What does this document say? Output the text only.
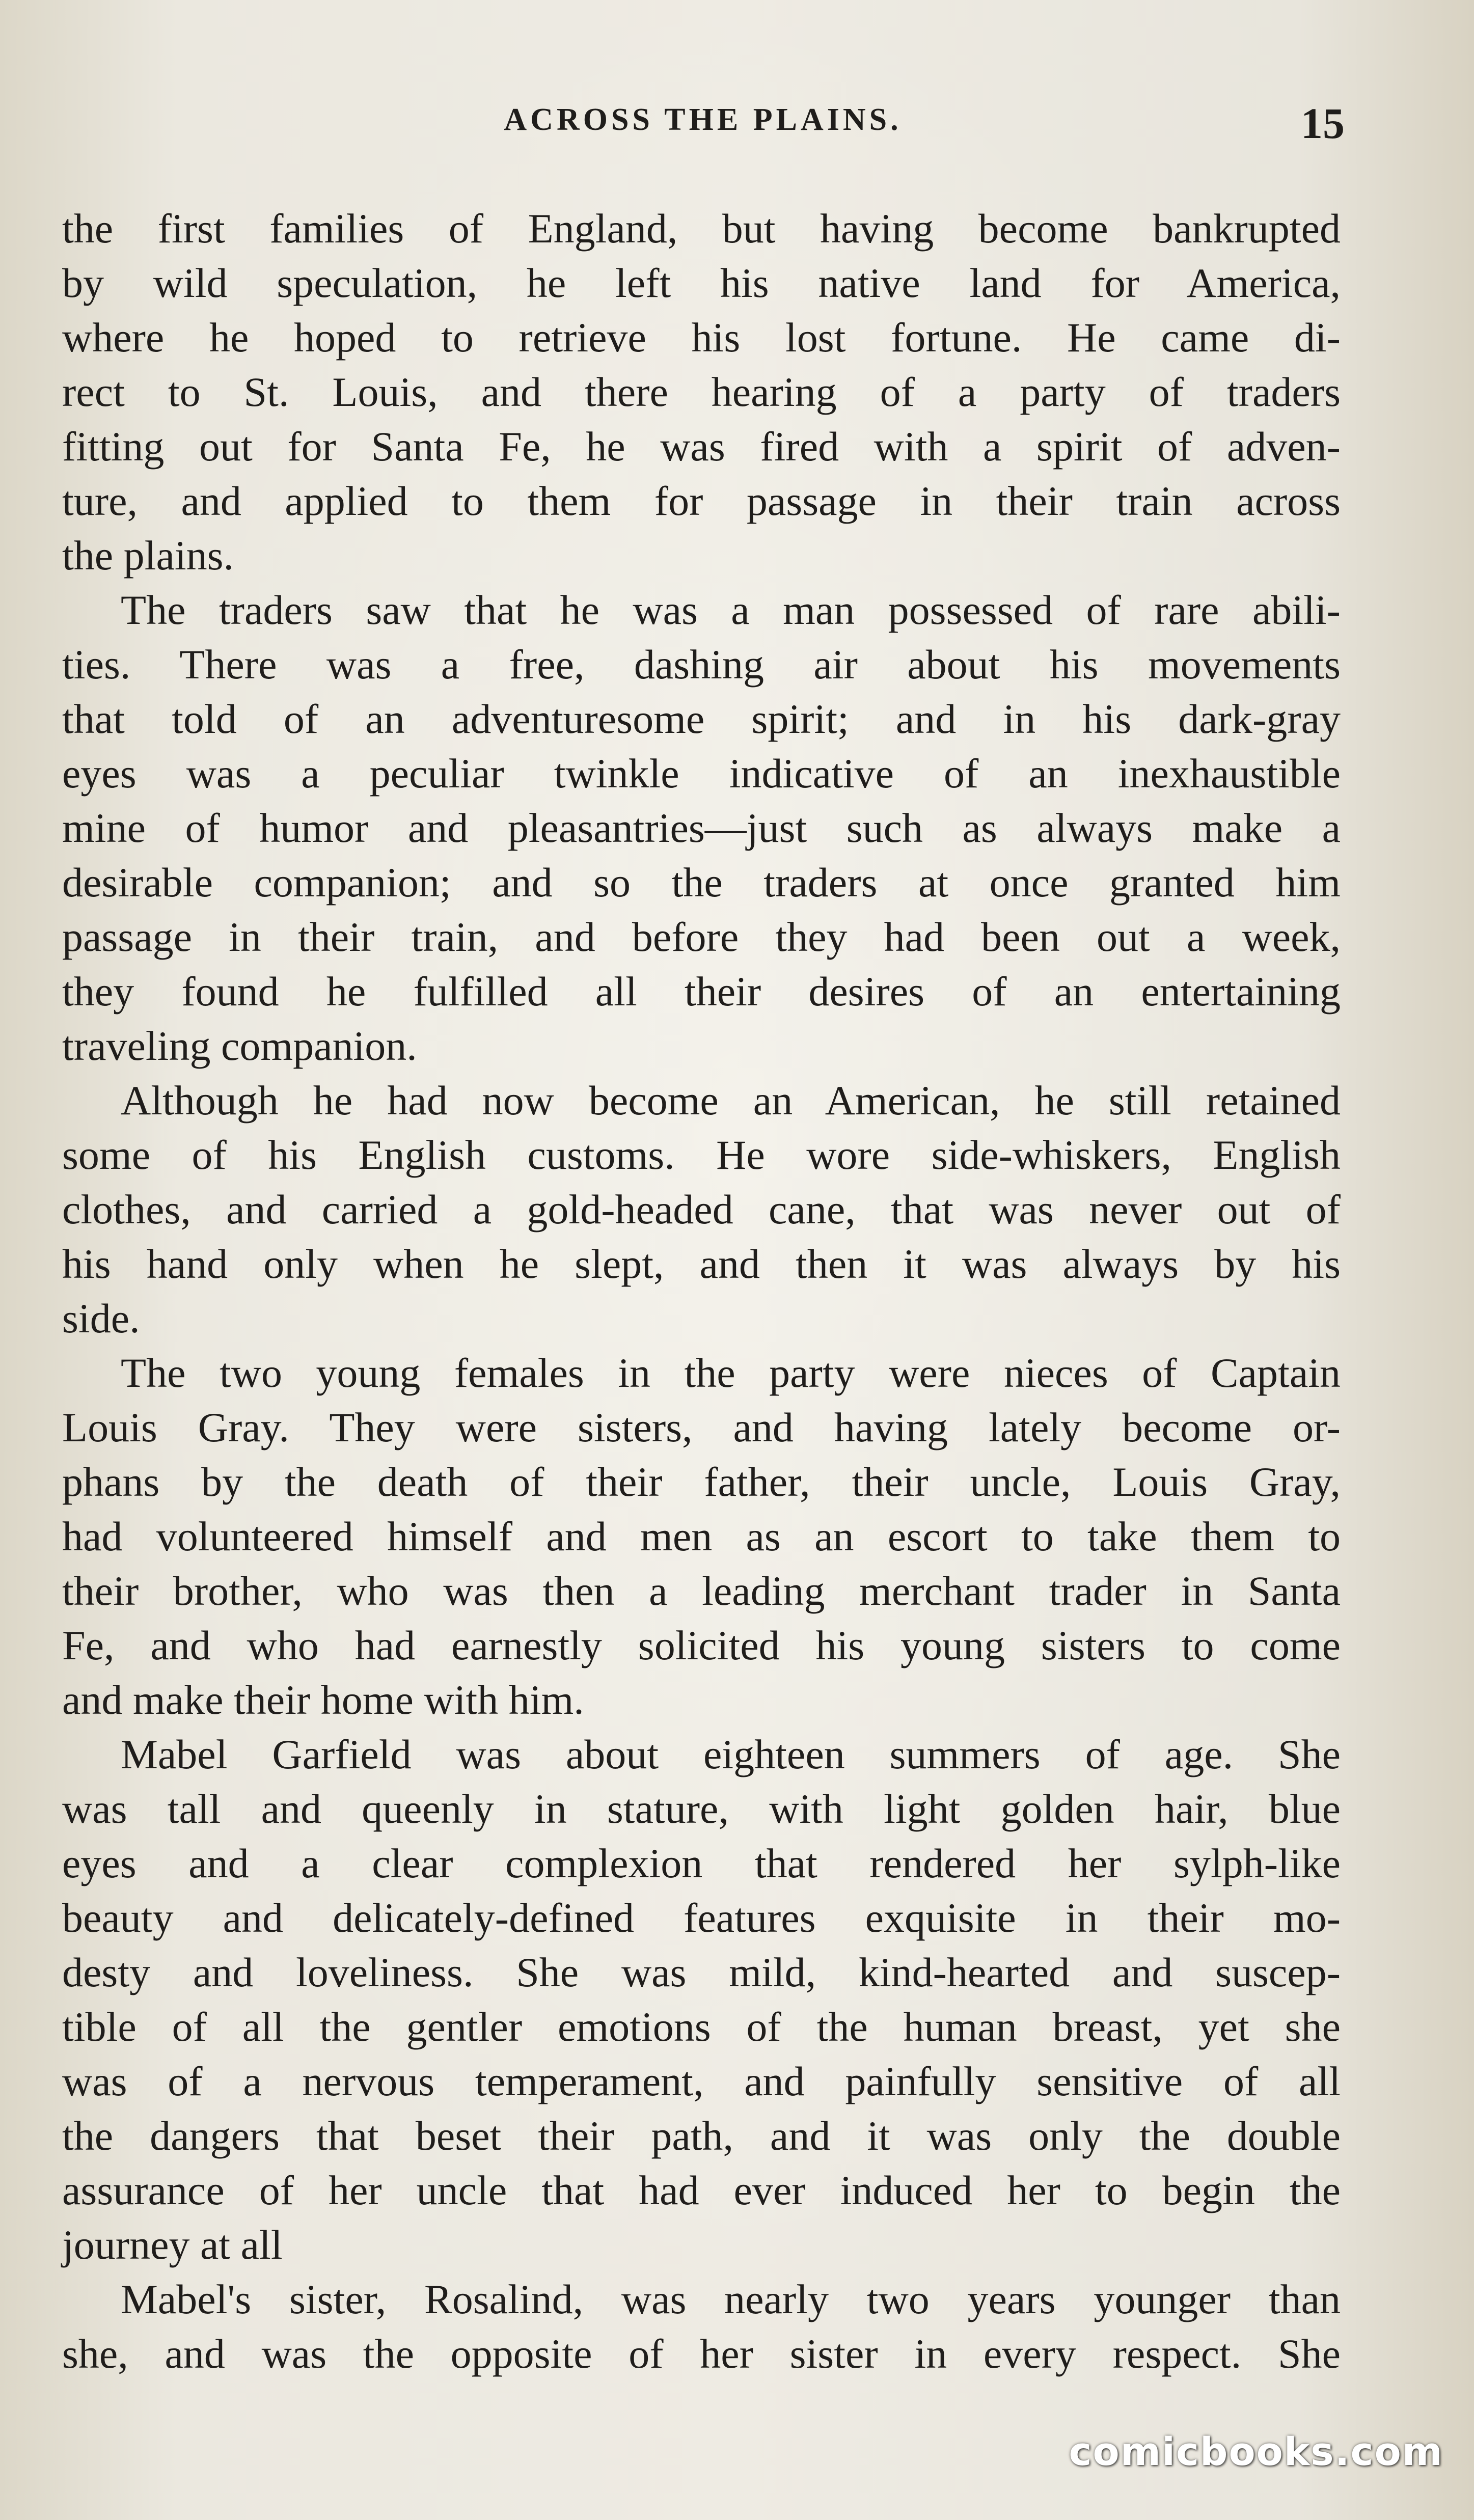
ACROSS THE PLAINS.	15
the first families of England, but having become bankrupted
by wild speculation, he left his native land for America,
where he hoped to retrieve his lost fortune. He came di-
rect to St. Louis, and there hearing of a party of traders
fitting out for Santa Fe, he was fired with a spirit of adven-
ture, and applied to them for passage in their train across
the plains.
The traders saw that he was a man possessed of rare abili-
ties. There was a free, dashing air about his movements
that told of an adventuresome spirit; and in his dark-gray
eyes was a peculiar twinkle indicative of an inexhaustible
mine of humor and pleasantries—just such as always make a
desirable companion; and so the traders at once granted him
passage in their train, and before they had been out a week,
they found he fulfilled all their desires of an entertaining
traveling companion.
Although he had now become an American, he still retained
some of his English customs. He wore side-whiskers, English
clothes, and carried a gold-headed cane, that was never out of
his hand only when he slept, and then it was always by his
side.
The two young females in the party were nieces of Captain
Louis Gray. They were sisters, and having lately become or-
phans by the death of their father, their uncle, Louis Gray,
had volunteered himself and men as an escort to take them to
their brother, who was then a leading merchant trader in Santa
Fe, and who had earnestly solicited his young sisters to come
and make their home with him.
Mabel Garfield was about eighteen summers of age. She
was tall and queenly in stature, with light golden hair, blue
eyes and a clear complexion that rendered her sylph-like
beauty and delicately-defined features exquisite in their mo-
desty and loveliness. She was mild, kind-hearted and suscep-
tible of all the gentler emotions of the human breast, yet she
was of a nervous temperament, and painfully sensitive of all
the dangers that beset their path, and it was only the double
assurance of her uncle that had ever induced her to begin the
journey at all
Mabel's sister, Rosalind, was nearly two years younger than
she, and was the opposite of her sister in every respect. She
comicbooks.com
